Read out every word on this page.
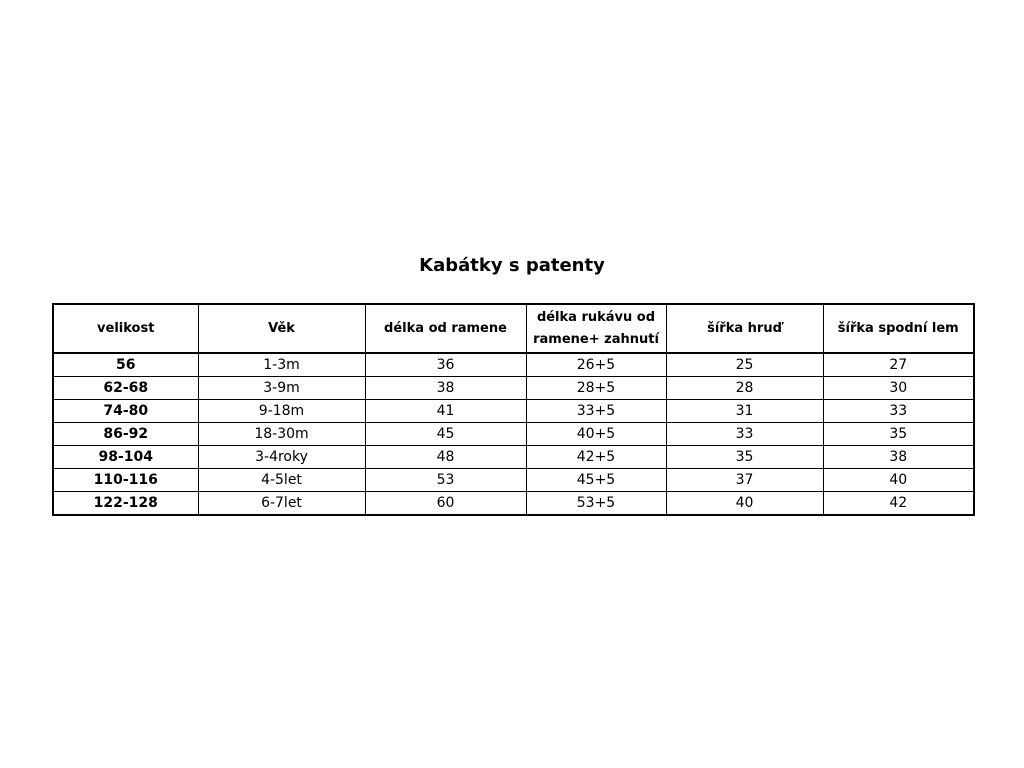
Kabátky s patenty
velikost	Věk	délka od ramene	délka rukávu od ramene+ zahnutí	šířka hruď	šířka spodní lem
56	1-3m	36	26+5	25	27
62-68	3-9m	38	28+5	28	30
74-80	9-18m	41	33+5	31	33
86-92	18-30m	45	40+5	33	35
98-104	3-4roky	48	42+5	35	38
110-116	4-5let	53	45+5	37	40
122-128	6-7let	60	53+5	40	42
